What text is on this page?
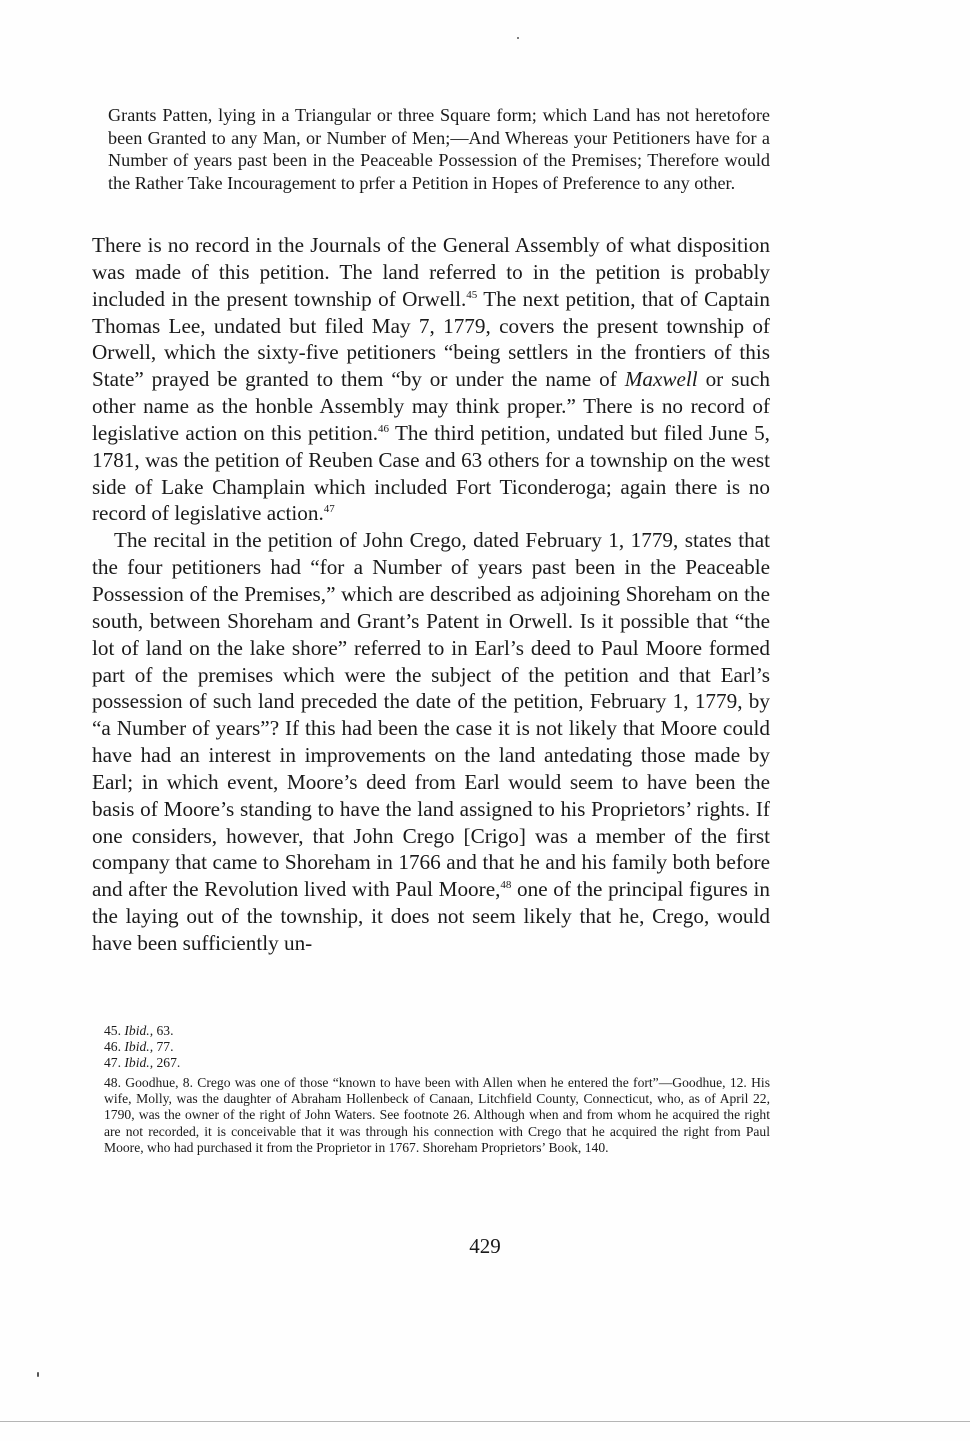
Grants Patten, lying in a Triangular or three Square form; which Land has not heretofore been Granted to any Man, or Number of Men;—And Whereas your Petitioners have for a Number of years past been in the Peaceable Possession of the Premises; Therefore would the Rather Take Incouragement to prfer a Petition in Hopes of Preference to any other.

There is no record in the Journals of the General Assembly of what disposition was made of this petition. The land referred to in the petition is probably included in the present township of Orwell.$^{45}$ The next petition, that of Captain Thomas Lee, undated but filed May 7, 1779, covers the present township of Orwell, which the sixty-five petitioners “being settlers in the frontiers of this State” prayed be granted to them “by or under the name of Maxwell or such other name as the honble Assembly may think proper.” There is no record of legislative action on this petition.$^{46}$ The third petition, undated but filed June 5, 1781, was the petition of Reuben Case and 63 others for a township on the west side of Lake Champlain which included Fort Ticonderoga; again there is no record of legislative action.$^{47}$

The recital in the petition of John Crego, dated February 1, 1779, states that the four petitioners had “for a Number of years past been in the Peaceable Possession of the Premises,” which are described as adjoining Shoreham on the south, between Shoreham and Grant’s Patent in Orwell. Is it possible that “the lot of land on the lake shore” referred to in Earl’s deed to Paul Moore formed part of the premises which were the subject of the petition and that Earl’s possession of such land preceded the date of the petition, February 1, 1779, by “a Number of years”? If this had been the case it is not likely that Moore could have had an interest in improvements on the land antedating those made by Earl; in which event, Moore’s deed from Earl would seem to have been the basis of Moore’s standing to have the land assigned to his Proprietors’ rights. If one considers, however, that John Crego [Crigo] was a member of the first company that came to Shoreham in 1766 and that he and his family both before and after the Revolution lived with Paul Moore,$^{48}$ one of the principal figures in the laying out of the township, it does not seem likely that he, Crego, would have been sufficiently un-

45. Ibid., 63.

46. Ibid., 77.

47. Ibid., 267.

48. Goodhue, 8. Crego was one of those “known to have been with Allen when he entered the fort”—Goodhue, 12. His wife, Molly, was the daughter of Abraham Hollenbeck of Canaan, Litchfield County, Connecticut, who, as of April 22, 1790, was the owner of the right of John Waters. See footnote 26. Although when and from whom he acquired the right are not recorded, it is conceivable that it was through his connection with Crego that he acquired the right from Paul Moore, who had purchased it from the Proprietor in 1767. Shoreham Proprietors’ Book, 140.

429
